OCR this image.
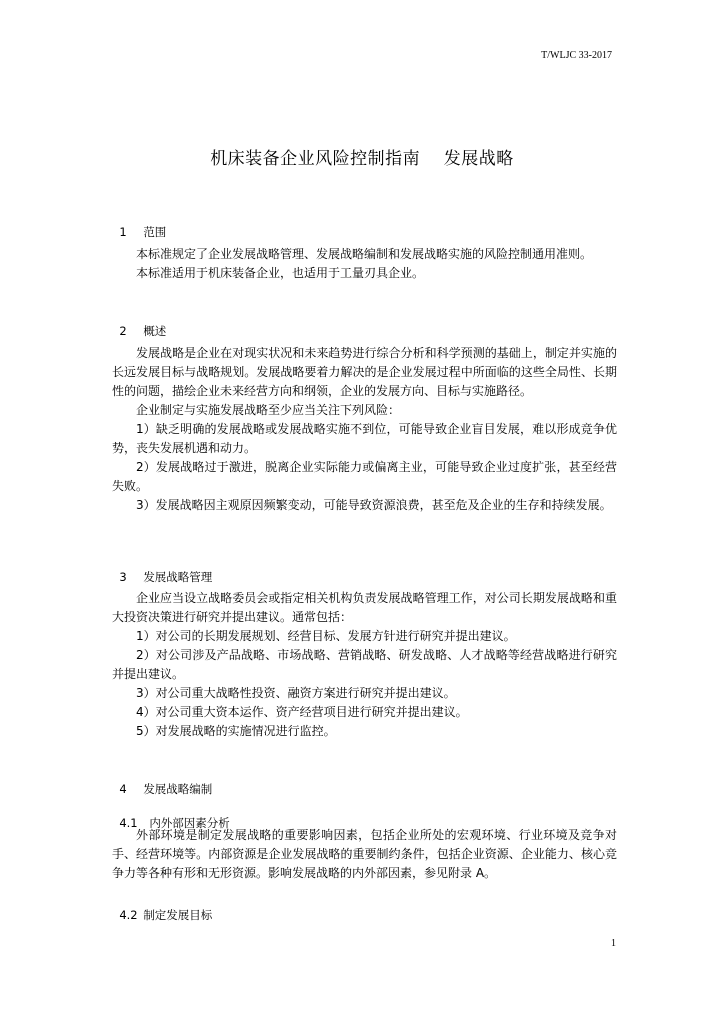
T/WLJC 33-2017
机床装备企业风险控制指南    发展战略

1 范围

本标准规定了企业发展战略管理、发展战略编制和发展战略实施的风险控制通用准则。

本标准适用于机床装备企业，也适用于工量刃具企业。

2 概述

发展战略是企业在对现实状况和未来趋势进行综合分析和科学预测的基础上，制定并实施的长远发展目标与战略规划。发展战略要着力解决的是企业发展过程中所面临的这些全局性、长期性的问题，描绘企业未来经营方向和纲领，企业的发展方向、目标与实施路径。

企业制定与实施发展战略至少应当关注下列风险：

1）缺乏明确的发展战略或发展战略实施不到位，可能导致企业盲目发展，难以形成竞争优势，丧失发展机遇和动力。

2）发展战略过于激进，脱离企业实际能力或偏离主业，可能导致企业过度扩张，甚至经营失败。

3）发展战略因主观原因频繁变动，可能导致资源浪费，甚至危及企业的生存和持续发展。

3 发展战略管理

企业应当设立战略委员会或指定相关机构负责发展战略管理工作，对公司长期发展战略和重大投资决策进行研究并提出建议。通常包括：

1）对公司的长期发展规划、经营目标、发展方针进行研究并提出建议。

2）对公司涉及产品战略、市场战略、营销战略、研发战略、人才战略等经营战略进行研究并提出建议。

3）对公司重大战略性投资、融资方案进行研究并提出建议。

4）对公司重大资本运作、资产经营项目进行研究并提出建议。

5）对发展战略的实施情况进行监控。

4 发展战略编制

4.1 内外部因素分析

外部环境是制定发展战略的重要影响因素，包括企业所处的宏观环境、行业环境及竞争对手、经营环境等。内部资源是企业发展战略的重要制约条件，包括企业资源、企业能力、核心竞争力等各种有形和无形资源。影响发展战略的内外部因素，参见附录 A。

4.2 制定发展目标

1
